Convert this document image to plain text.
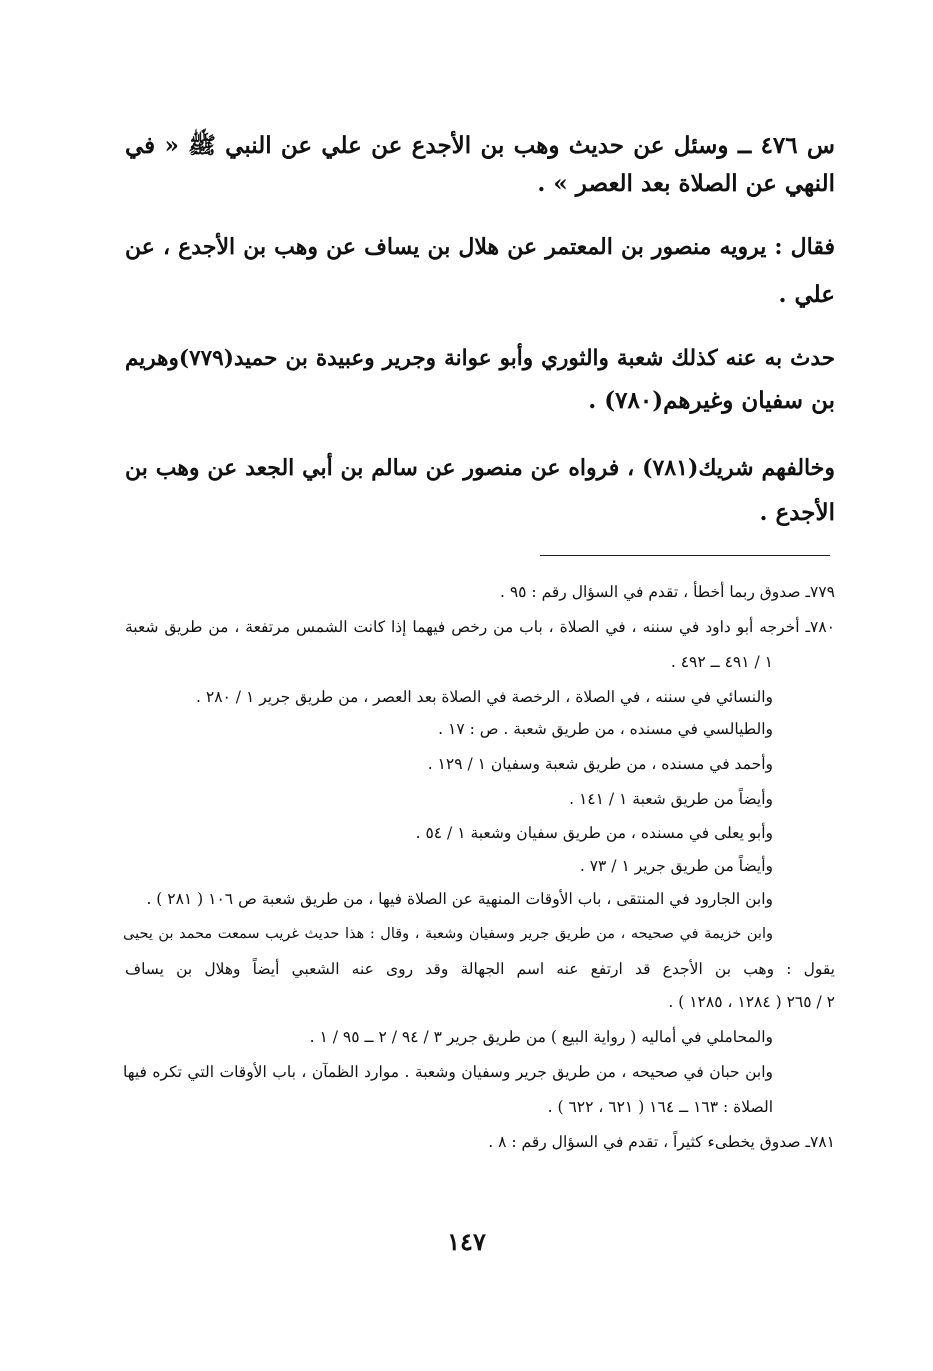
س ٤٧٦ ــ وسئل عن حديث وهب بن الأجدع عن علي عن النبي ﷺ « في
النهي عن الصلاة بعد العصر » .
فقال : يرويه منصور بن المعتمر عن هلال بن يساف عن وهب بن الأجدع ، عن
علي .
حدث به عنه كذلك شعبة والثوري وأبو عوانة وجرير وعبيدة بن حميد(٧٧٩)وهريم
بن سفيان وغيرهم(٧٨٠) .
وخالفهم شريك(٧٨١) ، فرواه عن منصور عن سالم بن أبي الجعد عن وهب بن
الأجدع .
٧٧٩ـ صدوق ربما أخطأ ، تقدم في السؤال رقم : ٩٥ .
٧٨٠ـ أخرجه أبو داود في سننه ، في الصلاة ، باب من رخص فيهما إذا كانت الشمس مرتفعة ، من طريق شعبة
١ / ٤٩١ ــ ٤٩٢ .
والنسائي في سننه ، في الصلاة ، الرخصة في الصلاة بعد العصر ، من طريق جرير ١ / ٢٨٠ .
والطيالسي في مسنده ، من طريق شعبة . ص : ١٧ .
وأحمد في مسنده ، من طريق شعبة وسفيان ١ / ١٢٩ .
وأيضاً من طريق شعبة ١ / ١٤١ .
وأبو يعلى في مسنده ، من طريق سفيان وشعبة ١ / ٥٤ .
وأيضاً من طريق جرير ١ / ٧٣ .
وابن الجارود في المنتقى ، باب الأوقات المنهية عن الصلاة فيها ، من طريق شعبة ص ١٠٦ ( ٢٨١ ) .
وابن خزيمة في صحيحه ، من طريق جرير وسفيان وشعبة ، وقال : هذا حديث غريب سمعت محمد بن يحيى
يقول : وهب بن الأجدع قد ارتفع عنه اسم الجهالة وقد روى عنه الشعبي أيضاً وهلال بن يساف
٢ / ٢٦٥ ( ١٢٨٤ ، ١٢٨٥ ) .
والمحاملي في أماليه ( رواية البيع ) من طريق جرير ٣ / ٩٤ / ٢ ــ ٩٥ / ١ .
وابن حبان في صحيحه ، من طريق جرير وسفيان وشعبة . موارد الظمآن ، باب الأوقات التي تكره فيها
الصلاة : ١٦٣ ــ ١٦٤ ( ٦٢١ ، ٦٢٢ ) .
٧٨١ـ صدوق يخطىء كثيراً ، تقدم في السؤال رقم : ٨ .
١٤٧
